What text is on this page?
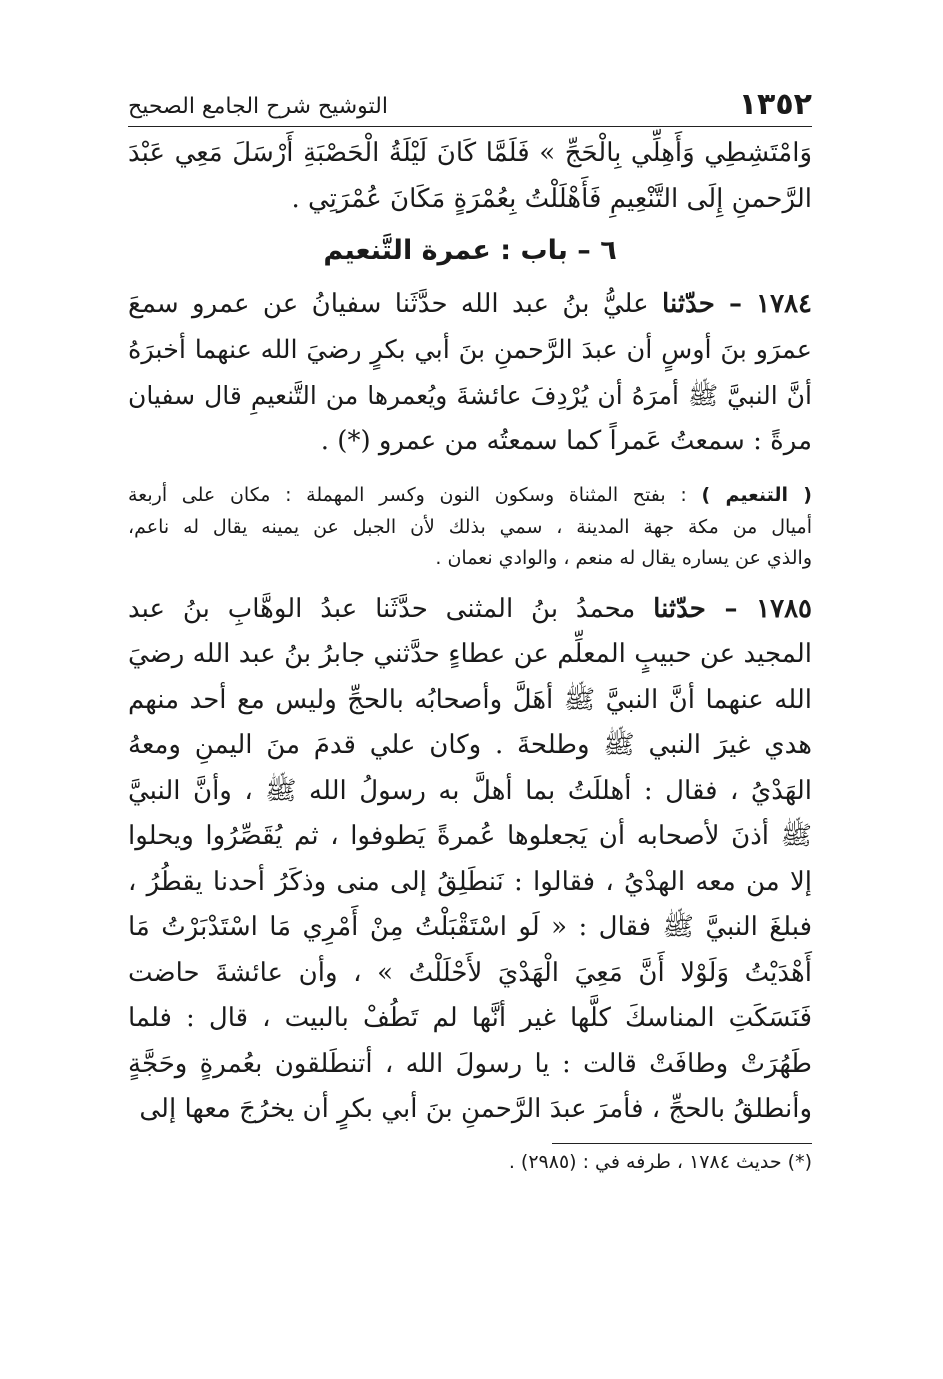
١٣٥٢
التوشيح شرح الجامع الصحيح
وَامْتَشِطِي وَأَهِلِّي بِالْحَجِّ » فَلَمَّا كَانَ لَيْلَةُ الْحَصْبَةِ أَرْسَلَ مَعِي عَبْدَ
الرَّحمنِ إِلَى التَّنْعِيمِ فَأَهْلَلْتُ بِعُمْرَةٍ مَكَانَ عُمْرَتِي .
٦ – باب : عمرة التَّنعيم
١٧٨٤ – حدّثنا عليُّ بنُ عبد الله حدَّثَنا سفيانُ عن عمرو سمعَ
عمرَو بنَ أوسٍ أن عبدَ الرَّحمنِ بنَ أبي بكرٍ رضيَ الله عنهما أخبرَهُ
أنَّ النبيَّ ﷺ أمرَهُ أن يُرْدِفَ عائشةَ ويُعمرها من التَّنعيمِ قال سفيان
مرةً : سمعتُ عَمراً كما سمعتُه من عمرو (*) .
( التنعيم ) : بفتح المثناة وسكون النون وكسر المهملة : مكان على أربعة
أميال من مكة جهة المدينة ، سمي بذلك لأن الجبل عن يمينه يقال له ناعم،
والذي عن يساره يقال له منعم ، والوادي نعمان .
١٧٨٥ – حدّثنا محمدُ بنُ المثنى حدَّثَنا عبدُ الوهَّابِ بنُ عبد
المجيد عن حبيبٍ المعلِّم عن عطاءٍ حدَّثني جابرُ بنُ عبد الله رضيَ
الله عنهما أنَّ النبيَّ ﷺ أهَلَّ وأصحابُه بالحجِّ وليس مع أحد منهم
هدي غيرَ النبي ﷺ وطلحةَ . وكان علي قدمَ منَ اليمنِ ومعهُ
الهَدْيُ ، فقال : أهللَتُ بما أهلَّ به رسولُ الله ﷺ ، وأنَّ النبيَّ
ﷺ أذنَ لأصحابه أن يَجعلوها عُمرةً يَطوفوا ، ثم يُقَصِّرُوا ويحلوا
إلا من معه الهدْيُ ، فقالوا : نَنطَلِقُ إلى منى وذكَرُ أحدنا يقطُرُ ،
فبلغَ النبيَّ ﷺ فقال : « لَو اسْتَقْبَلْتُ مِنْ أَمْرِي مَا اسْتَدْبَرْتُ مَا
أَهْدَيْتُ وَلَوْلا أَنَّ مَعِيَ الْهَدْيَ لأَحْلَلْتُ » ، وأن عائشةَ حاضت
فَنَسَكَتِ المناسكَ كلَّها غير أنَّها لم تَطُفْ بالبيت ، قال : فلما
طَهُرَتْ وطافَتْ قالت : يا رسولَ الله ، أتنطَلقون بعُمرةٍ وحَجَّةٍ
وأنطلقُ بالحجِّ ، فأمرَ عبدَ الرَّحمنِ بنَ أبي بكرٍ أن يخرُجَ معها إلى
(*) حديث ١٧٨٤ ، طرفه في : (٢٩٨٥) .
